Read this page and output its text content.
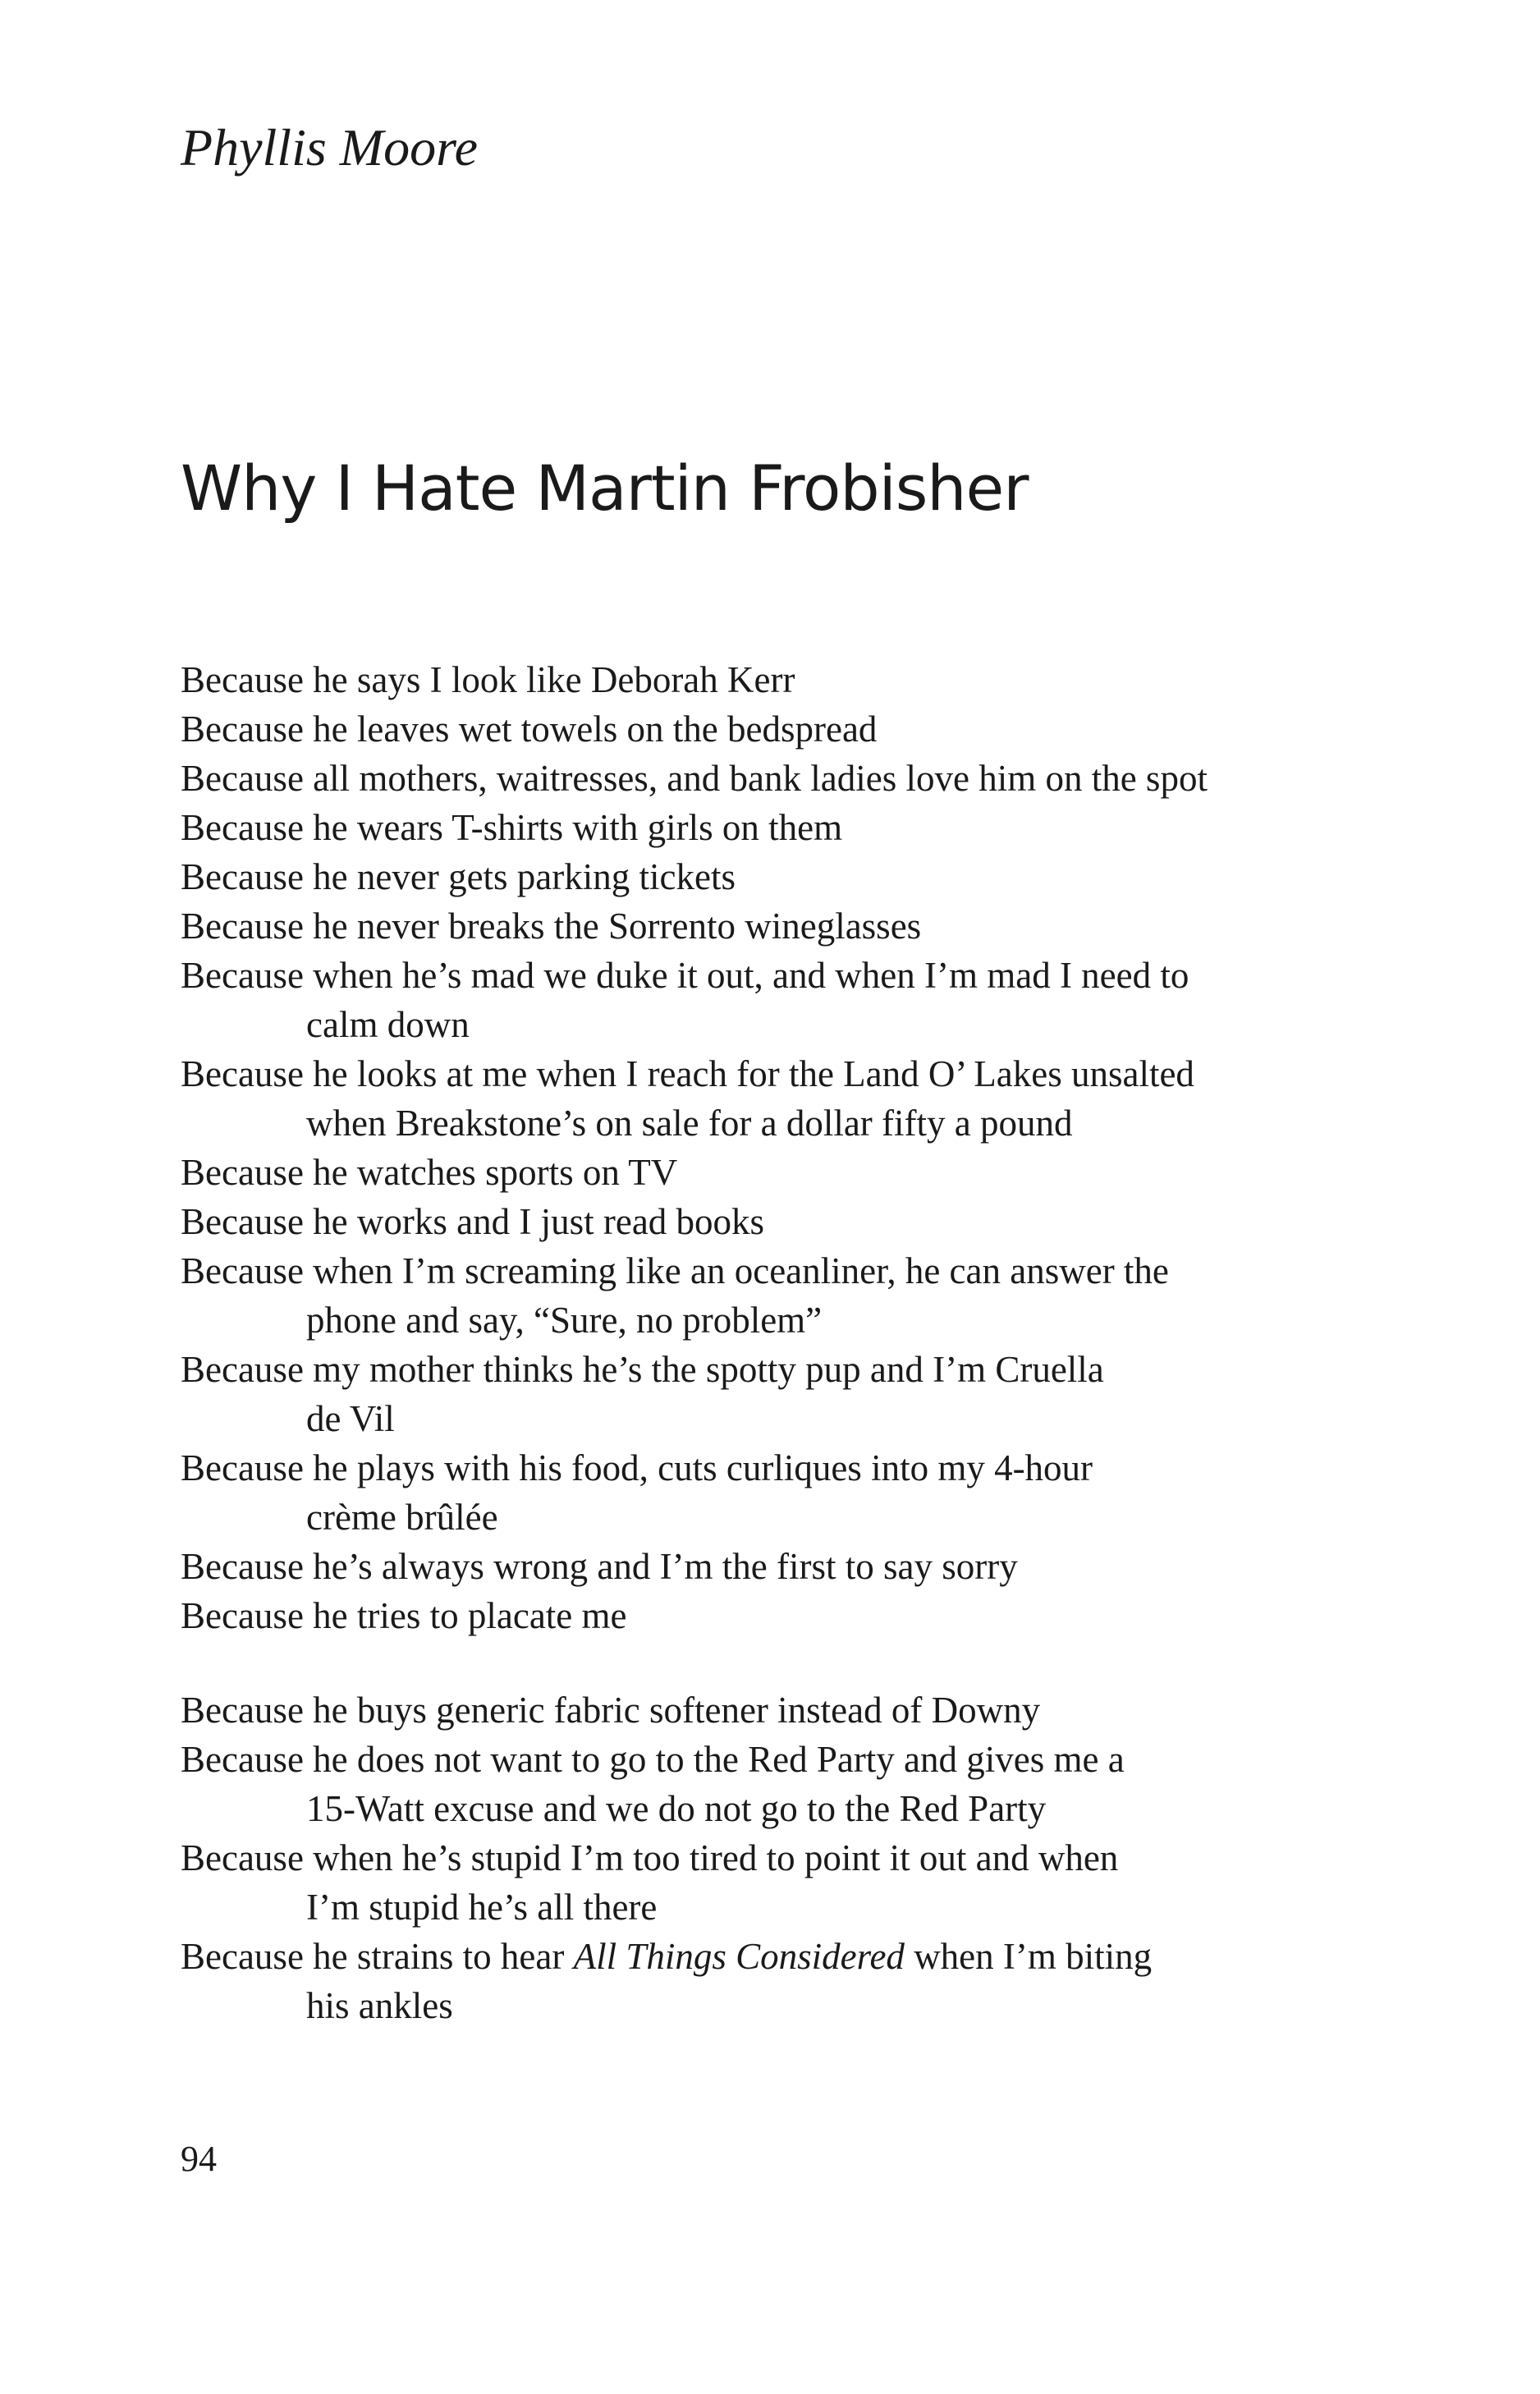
Phyllis Moore
Why I Hate Martin Frobisher
Because he says I look like Deborah Kerr
Because he leaves wet towels on the bedspread
Because all mothers, waitresses, and bank ladies love him on the spot
Because he wears T-shirts with girls on them
Because he never gets parking tickets
Because he never breaks the Sorrento wineglasses
Because when he’s mad we duke it out, and when I’m mad I need to
calm down
Because he looks at me when I reach for the Land O’ Lakes unsalted
when Breakstone’s on sale for a dollar fifty a pound
Because he watches sports on TV
Because he works and I just read books
Because when I’m screaming like an oceanliner, he can answer the
phone and say, “Sure, no problem”
Because my mother thinks he’s the spotty pup and I’m Cruella
de Vil
Because he plays with his food, cuts curliques into my 4-hour
crème brûlée
Because he’s always wrong and I’m the first to say sorry
Because he tries to placate me
Because he buys generic fabric softener instead of Downy
Because he does not want to go to the Red Party and gives me a
15-Watt excuse and we do not go to the Red Party
Because when he’s stupid I’m too tired to point it out and when
I’m stupid he’s all there
Because he strains to hear All Things Considered when I’m biting
his ankles
94
